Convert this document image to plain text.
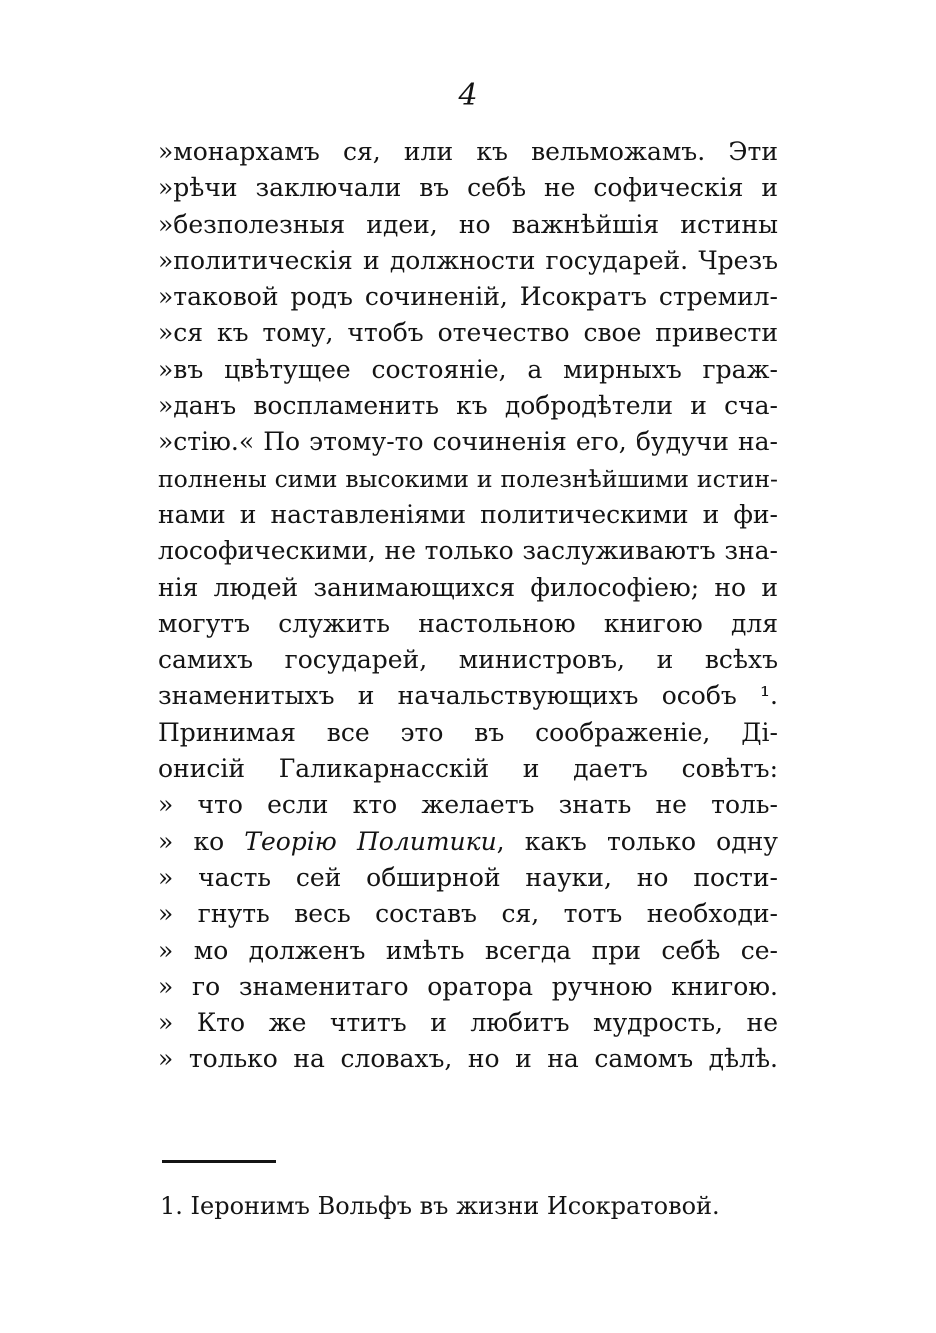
4
»монархамъ ся, или къ вельможамъ. Эти
»рѣчи заключали въ себѣ не софическія и
»безполезныя идеи, но важнѣйшія истины
»политическія и должности государей. Чрезъ
»таковой родъ сочиненій, Исократъ стремил-
»ся къ тому, чтобъ отечество свое привести
»въ цвѣтущее состояніе, а мирныхъ граж-
»данъ воспламенить къ добродѣтели и сча-
»стію.« По этому-то сочиненія его, будучи на-
полнены сими высокими и полезнѣйшими истин-
нами и наставленіями политическими и фи-
лософическими, не только заслуживаютъ зна-
нія людей занимающихся философіею; но и
могутъ служить настольною книгою для
самихъ государей, министровъ, и всѣхъ
знаменитыхъ и начальствующихъ особъ ¹.
Принимая все это въ соображеніе, Ді-
онисій Галикарнасскій и даетъ совѣтъ:
» что если кто желаетъ знать не толь-
» ко Теорію Политики, какъ только одну
» часть сей обширной науки, но пости-
» гнуть весь составъ ся, тотъ необходи-
» мо долженъ имѣть всегда при себѣ се-
» го знаменитаго оратора ручною книгою.
» Кто же чтитъ и любитъ мудрость, не
» только на словахъ, но и на самомъ дѣлѣ.
1. Іеронимъ Вольфъ въ жизни Исократовой.
